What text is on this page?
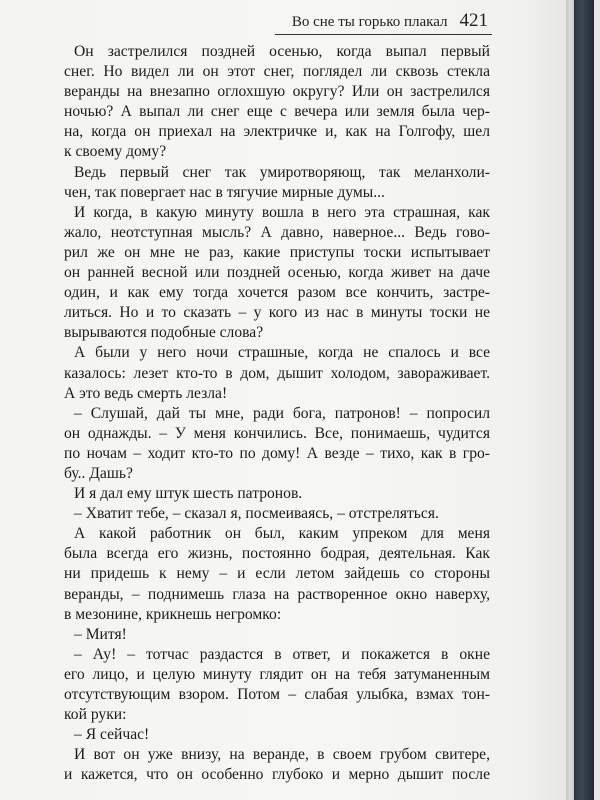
Во сне ты горько плакал 421
Он застрелился поздней осенью, когда выпал первый
снег. Но видел ли он этот снег, поглядел ли сквозь стекла
веранды на внезапно оглохшую округу? Или он застрелился
ночью? А выпал ли снег еще с вечера или земля была чер-
на, когда он приехал на электричке и, как на Голгофу, шел
к своему дому?
Ведь первый снег так умиротворяющ, так меланхоли-
чен, так повергает нас в тягучие мирные думы...
И когда, в какую минуту вошла в него эта страшная, как
жало, неотступная мысль? А давно, наверное... Ведь гово-
рил же он мне не раз, какие приступы тоски испытывает
он ранней весной или поздней осенью, когда живет на даче
один, и как ему тогда хочется разом все кончить, застре-
литься. Но и то сказать – у кого из нас в минуты тоски не
вырываются подобные слова?
А были у него ночи страшные, когда не спалось и все
казалось: лезет кто-то в дом, дышит холодом, завораживает.
А это ведь смерть лезла!
– Слушай, дай ты мне, ради бога, патронов! – попросил
он однажды. – У меня кончились. Все, понимаешь, чудится
по ночам – ходит кто-то по дому! А везде – тихо, как в гро-
бу.. Дашь?
И я дал ему штук шесть патронов.
– Хватит тебе, – сказал я, посмеиваясь, – отстреляться.
А какой работник он был, каким упреком для меня
была всегда его жизнь, постоянно бодрая, деятельная. Как
ни придешь к нему – и если летом зайдешь со стороны
веранды, – поднимешь глаза на растворенное окно наверху,
в мезонине, крикнешь негромко:
– Митя!
– Ау! – тотчас раздастся в ответ, и покажется в окне
его лицо, и целую минуту глядит он на тебя затуманенным
отсутствующим взором. Потом – слабая улыбка, взмах тон-
кой руки:
– Я сейчас!
И вот он уже внизу, на веранде, в своем грубом свитере,
и кажется, что он особенно глубоко и мерно дышит после
